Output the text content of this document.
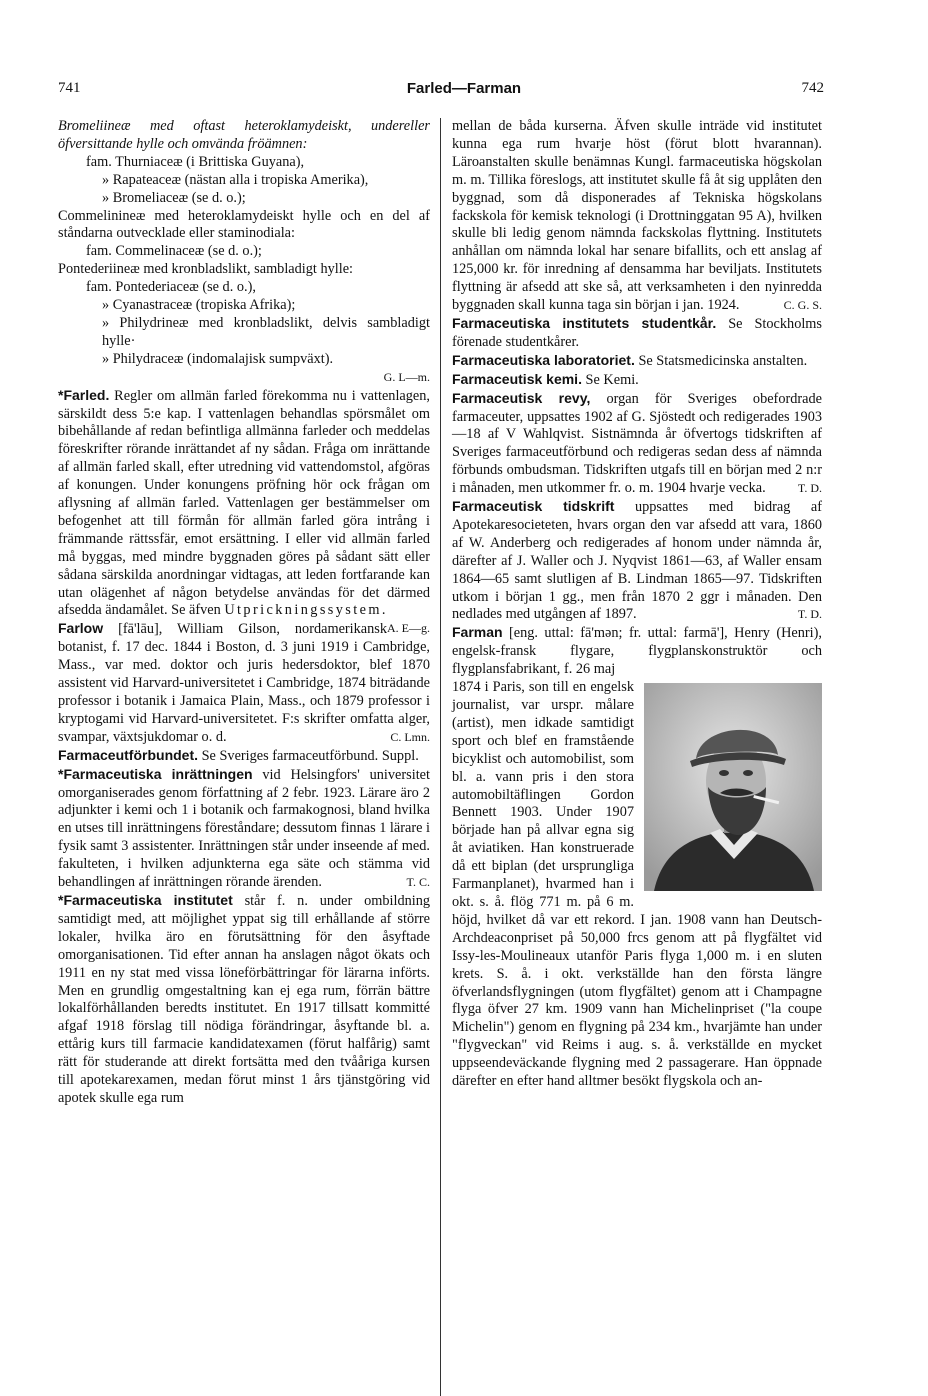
741	Farled—Farman	742

Bromeliineæ med oftast heteroklamydeiskt, undereller öfversittande hylle och omvända fröämnen:

fam. Thurniaceæ (i Brittiska Guyana),

» Rapateaceæ (nästan alla i tropiska Amerika),

» Bromeliaceæ (se d. o.);

Commelinineæ med heteroklamydeiskt hylle och en del af ståndarna outvecklade eller staminodiala:

fam. Commelinaceæ (se d. o.);

Pontederiineæ med kronbladslikt, sambladigt hylle:

fam. Pontederiaceæ (se d. o.),

» Cyanastraceæ (tropiska Afrika);

» Philydrineæ med kronbladslikt, delvis sambladigt hylle·

» Philydraceæ (indomalajisk sumpväxt).

G. L—m.

*Farled. Regler om allmän farled förekomma nu i vattenlagen, särskildt dess 5:e kap. I vattenlagen behandlas spörsmålet om bibehållande af redan befintliga allmänna farleder och meddelas föreskrifter rörande inrättandet af ny sådan. Fråga om inrättande af allmän farled skall, efter utredning vid vattendomstol, afgöras af konungen. Under konungens pröfning hör ock frågan om aflysning af allmän farled. Vattenlagen ger bestämmelser om befogenhet att till förmån för allmän farled göra intrång i främmande rättssfär, emot ersättning. I eller vid allmän farled må byggas, med mindre byggnaden göres på sådant sätt eller sådana särskilda anordningar vidtagas, att leden fortfarande kan utan olägenhet af någon betydelse användas för det därmed afsedda ändamålet. Se äfven Utprickningssystem.
A. E—g.

Farlow [fā'lāu], William Gilson, nordamerikansk botanist, f. 17 dec. 1844 i Boston, d. 3 juni 1919 i Cambridge, Mass., var med. doktor och juris hedersdoktor, blef 1870 assistent vid Harvard-universitetet i Cambridge, 1874 biträdande professor i botanik i Jamaica Plain, Mass., och 1879 professor i kryptogami vid Harvard-universitetet. F:s skrifter omfatta alger, svampar, växtsjukdomar o. d.	C. Lmn.

Farmaceutförbundet. Se Sveriges farmaceutförbund. Suppl.

*Farmaceutiska inrättningen vid Helsingfors' universitet omorganiserades genom författning af 2 febr. 1923. Lärare äro 2 adjunkter i kemi och 1 i botanik och farmakognosi, bland hvilka en utses till inrättningens föreståndare; dessutom finnas 1 lärare i fysik samt 3 assistenter. Inrättningen står under inseende af med. fakulteten, i hvilken adjunkterna ega säte och stämma vid behandlingen af inrättningen rörande ärenden.	T. C.

*Farmaceutiska institutet står f. n. under ombildning samtidigt med, att möjlighet yppat sig till erhållande af större lokaler, hvilka äro en förutsättning för den åsyftade omorganisationen. Tid efter annan ha anslagen något ökats och 1911 en ny stat med vissa löneförbättringar för lärarna införts. Men en grundlig omgestaltning kan ej ega rum, förrän bättre lokalförhållanden beredts institutet. En 1917 tillsatt kommitté afgaf 1918 förslag till nödiga förändringar, åsyftande bl. a. ettårig kurs till farmacie kandidatexamen (förut halfårig) samt rätt för studerande att direkt fortsätta med den tvååriga kursen till apotekarexamen, medan förut minst 1 års tjänstgöring vid apotek skulle ega rum

mellan de båda kurserna. Äfven skulle inträde vid institutet kunna ega rum hvarje höst (förut blott hvarannan). Läroanstalten skulle benämnas Kungl. farmaceutiska högskolan m. m. Tillika föreslogs, att institutet skulle få åt sig upplåten den byggnad, som då disponerades af Tekniska högskolans fackskola för kemisk teknologi (i Drottninggatan 95 A), hvilken skulle bli ledig genom nämnda fackskolas flyttning. Institutets anhållan om nämnda lokal har senare bifallits, och ett anslag af 125,000 kr. för inredning af densamma har beviljats. Institutets flyttning är afsedd att ske så, att verksamheten i den nyinredda byggnaden skall kunna taga sin början i jan. 1924.	C. G. S.

Farmaceutiska institutets studentkår. Se Stockholms förenade studentkårer.

Farmaceutiska laboratoriet. Se Statsmedicinska anstalten.

Farmaceutisk kemi. Se Kemi.

Farmaceutisk revy, organ för Sveriges obefordrade farmaceuter, uppsattes 1902 af G. Sjöstedt och redigerades 1903—18 af V Wahlqvist. Sistnämnda år öfvertogs tidskriften af Sveriges farmaceutförbund och redigeras sedan dess af nämnda förbunds ombudsman. Tidskriften utgafs till en början med 2 n:r i månaden, men utkommer fr. o. m. 1904 hvarje vecka.	T. D.

Farmaceutisk tidskrift uppsattes med bidrag af Apotekaresocieteten, hvars organ den var afsedd att vara, 1860 af W. Anderberg och redigerades af honom under nämnda år, därefter af J. Waller och J. Nyqvist 1861—63, af Waller ensam 1864—65 samt slutligen af B. Lindman 1865—97. Tidskriften utkom i början 1 gg., men från 1870 2 ggr i månaden. Den nedlades med utgången af 1897.	T. D.

Farman [eng. uttal: fā'mən; fr. uttal: farmā'], Henry (Henri), engelsk-fransk flygare, flygplanskonstruktör och flygplansfabrikant, f. 26 maj

1874 i Paris, son till en engelsk journalist, var urspr. målare (artist), men idkade samtidigt sport och blef en framstående bicyklist och automobilist, som bl. a. vann pris i den stora automobiltäflingen Gordon Bennett 1903. Under 1907 började han på allvar egna sig åt aviatiken. Han konstruerade då ett biplan (det ursprungliga Farmanplanet), hvarmed han i okt. s. å. flög 771 m. på 6 m. höjd, hvilket då var ett rekord. I jan. 1908 vann han Deutsch-Archdeaconpriset på 50,000 frcs genom att på flygfältet vid Issy-les-Moulineaux utanför Paris flyga 1,000 m. i en sluten krets. S. å. i okt. verkställde han den första längre öfverlandsflygningen (utom flygfältet) genom att i Champagne flyga öfver 27 km. 1909 vann han Michelinpriset ("la coupe Michelin") genom en flygning på 234 km., hvarjämte han under "flygveckan" vid Reims i aug. s. å. verkställde en mycket uppseendeväckande flygning med 2 passagerare. Han öppnade därefter en efter hand alltmer besökt flygskola och an-
